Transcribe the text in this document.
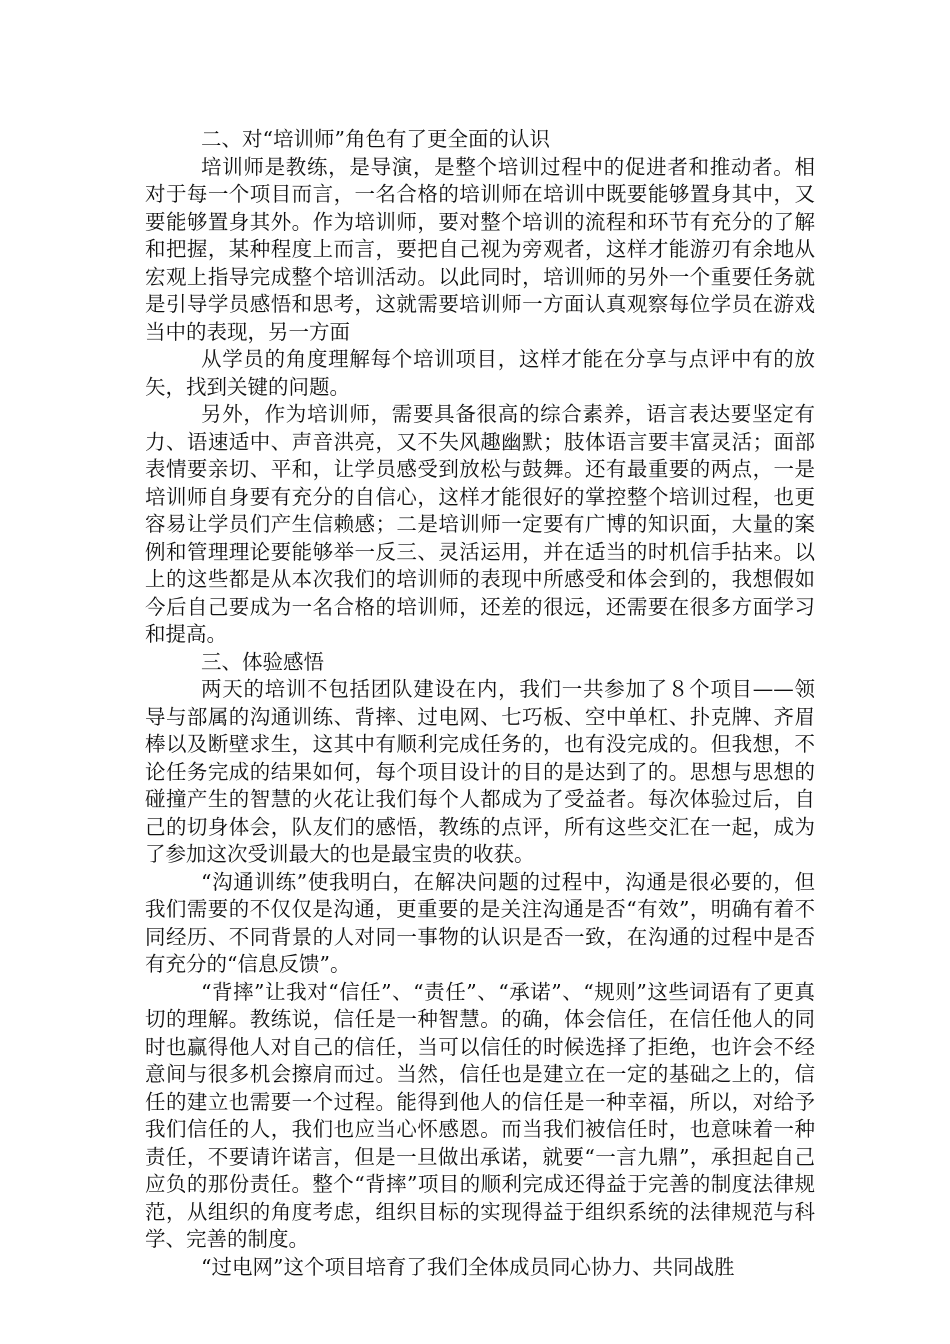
二、对“培训师”角色有了更全面的认识

培训师是教练，是导演，是整个培训过程中的促进者和推动者。相对于每一个项目而言，一名合格的培训师在培训中既要能够置身其中，又要能够置身其外。作为培训师，要对整个培训的流程和环节有充分的了解和把握，某种程度上而言，要把自己视为旁观者，这样才能游刃有余地从宏观上指导完成整个培训活动。以此同时，培训师的另外一个重要任务就是引导学员感悟和思考，这就需要培训师一方面认真观察每位学员在游戏当中的表现，另一方面

从学员的角度理解每个培训项目，这样才能在分享与点评中有的放矢，找到关键的问题。

另外，作为培训师，需要具备很高的综合素养，语言表达要坚定有力、语速适中、声音洪亮，又不失风趣幽默；肢体语言要丰富灵活；面部表情要亲切、平和，让学员感受到放松与鼓舞。还有最重要的两点，一是培训师自身要有充分的自信心，这样才能很好的掌控整个培训过程，也更容易让学员们产生信赖感；二是培训师一定要有广博的知识面，大量的案例和管理理论要能够举一反三、灵活运用，并在适当的时机信手拈来。以上的这些都是从本次我们的培训师的表现中所感受和体会到的，我想假如今后自己要成为一名合格的培训师，还差的很远，还需要在很多方面学习和提高。

三、体验感悟

两天的培训不包括团队建设在内，我们一共参加了８个项目——领导与部属的沟通训练、背摔、过电网、七巧板、空中单杠、扑克牌、齐眉棒以及断壁求生，这其中有顺利完成任务的，也有没完成的。但我想，不论任务完成的结果如何，每个项目设计的目的是达到了的。思想与思想的碰撞产生的智慧的火花让我们每个人都成为了受益者。每次体验过后，自己的切身体会，队友们的感悟，教练的点评，所有这些交汇在一起，成为了参加这次受训最大的也是最宝贵的收获。

“沟通训练”使我明白，在解决问题的过程中，沟通是很必要的，但我们需要的不仅仅是沟通，更重要的是关注沟通是否“有效”，明确有着不同经历、不同背景的人对同一事物的认识是否一致，在沟通的过程中是否有充分的“信息反馈”。

“背摔”让我对“信任”、“责任”、“承诺”、“规则”这些词语有了更真切的理解。教练说，信任是一种智慧。的确，体会信任，在信任他人的同时也赢得他人对自己的信任，当可以信任的时候选择了拒绝，也许会不经意间与很多机会擦肩而过。当然，信任也是建立在一定的基础之上的，信任的建立也需要一个过程。能得到他人的信任是一种幸福，所以，对给予我们信任的人，我们也应当心怀感恩。而当我们被信任时，也意味着一种责任，不要请许诺言，但是一旦做出承诺，就要“一言九鼎”，承担起自己应负的那份责任。整个“背摔”项目的顺利完成还得益于完善的制度法律规范，从组织的角度考虑，组织目标的实现得益于组织系统的法律规范与科学、完善的制度。

“过电网”这个项目培育了我们全体成员同心协力、共同战胜
